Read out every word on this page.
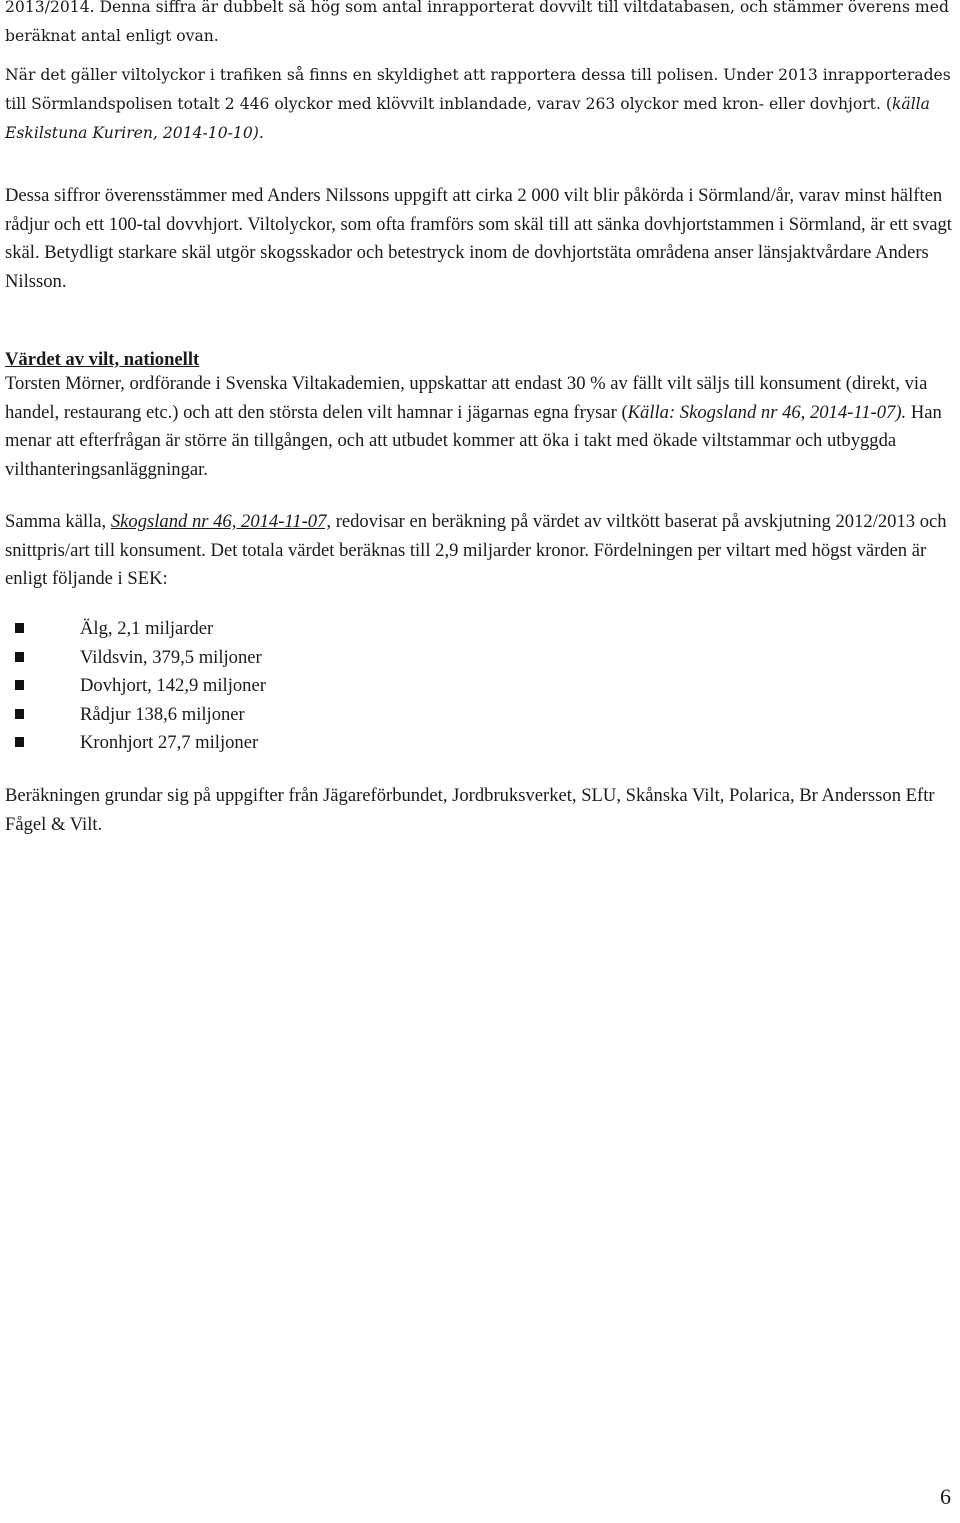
2013/2014. Denna siffra är dubbelt så hög som antal inrapporterat dovvilt till viltdatabasen, och stämmer överens med beräknat antal enligt ovan.

När det gäller viltolyckor i trafiken så finns en skyldighet att rapportera dessa till polisen. Under 2013 inrapporterades till Sörmlandspolisen totalt 2 446 olyckor med klövvilt inblandade, varav 263 olyckor med kron- eller dovhjort. (källa Eskilstuna Kuriren, 2014-10-10).

Dessa siffror överensstämmer med Anders Nilssons uppgift att cirka 2 000 vilt blir påkörda i Sörmland/år, varav minst hälften rådjur och ett 100-tal dovvhjort. Viltolyckor, som ofta framförs som skäl till att sänka dovhjortstammen i Sörmland, är ett svagt skäl. Betydligt starkare skäl utgör skogsskador och betestryck inom de dovhjortstäta områdena anser länsjaktvårdare Anders Nilsson.

Värdet av vilt, nationellt

Torsten Mörner, ordförande i Svenska Viltakademien, uppskattar att endast 30 % av fällt vilt säljs till konsument (direkt, via handel, restaurang etc.) och att den största delen vilt hamnar i jägarnas egna frysar (Källa: Skogsland nr 46, 2014-11-07). Han menar att efterfrågan är större än tillgången, och att utbudet kommer att öka i takt med ökade viltstammar och utbyggda vilthanteringsanläggningar.

Samma källa, Skogsland nr 46, 2014-11-07, redovisar en beräkning på värdet av viltkött baserat på avskjutning 2012/2013 och snittpris/art till konsument. Det totala värdet beräknas till 2,9 miljarder kronor. Fördelningen per viltart med högst värden är enligt följande i SEK:

Älg, 2,1 miljarder
Vildsvin, 379,5 miljoner
Dovhjort, 142,9 miljoner
Rådjur 138,6 miljoner
Kronhjort 27,7 miljoner

Beräkningen grundar sig på uppgifter från Jägareförbundet, Jordbruksverket, SLU, Skånska Vilt, Polarica, Br Andersson Eftr Fågel & Vilt.

6
